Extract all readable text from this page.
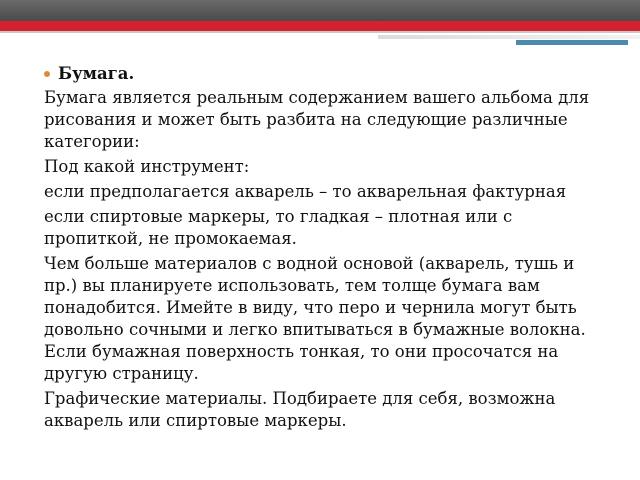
Бумага.

Бумага является реальным содержанием вашего альбома для рисования и может быть разбита на следующие различные категории:

Под какой инструмент:

если предполагается акварель – то акварельная фактурная

если спиртовые маркеры, то гладкая – плотная или с пропиткой, не промокаемая.

Чем больше материалов с водной основой (акварель, тушь и пр.) вы планируете использовать, тем толще бумага вам понадобится. Имейте в виду, что перо и чернила могут быть довольно сочными и легко впитываться в бумажные волокна. Если бумажная поверхность тонкая, то они просочатся на другую страницу.

Графические материалы. Подбираете для себя, возможна акварель или спиртовые маркеры.
